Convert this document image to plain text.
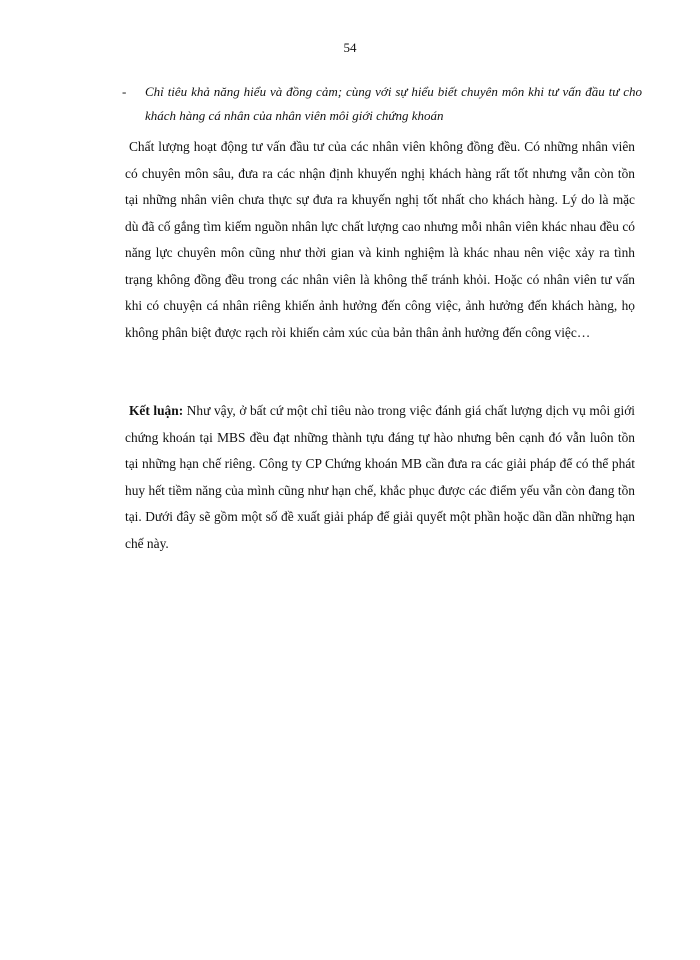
54
-	Chỉ tiêu khả năng hiểu và đồng cảm; cùng với sự hiểu biết chuyên môn khi tư vấn đầu tư cho khách hàng cá nhân của nhân viên môi giới chứng khoán

Chất lượng hoạt động tư vấn đầu tư của các nhân viên không đồng đều. Có những nhân viên có chuyên môn sâu, đưa ra các nhận định khuyến nghị khách hàng rất tốt nhưng vẫn còn tồn tại những nhân viên chưa thực sự đưa ra khuyến nghị tốt nhất cho khách hàng. Lý do là mặc dù đã cố gắng tìm kiếm nguồn nhân lực chất lượng cao nhưng mỗi nhân viên khác nhau đều có năng lực chuyên môn cũng như thời gian và kinh nghiệm là khác nhau nên việc xảy ra tình trạng không đồng đều trong các nhân viên là không thể tránh khỏi. Hoặc có nhân viên tư vấn khi có chuyện cá nhân riêng khiến ảnh hưởng đến công việc, ảnh hưởng đến khách hàng, họ không phân biệt được rạch ròi khiến cảm xúc của bản thân ảnh hưởng đến công việc…

Kết luận: Như vậy, ở bất cứ một chỉ tiêu nào trong việc đánh giá chất lượng dịch vụ môi giới chứng khoán tại MBS đều đạt những thành tựu đáng tự hào nhưng bên cạnh đó vẫn luôn tồn tại những hạn chế riêng. Công ty CP Chứng khoán MB cần đưa ra các giải pháp để có thể phát huy hết tiềm năng của mình cũng như hạn chế, khắc phục được các điểm yếu vẫn còn đang tồn tại. Dưới đây sẽ gồm một số đề xuất giải pháp để giải quyết một phần hoặc dần dần những hạn chế này.
